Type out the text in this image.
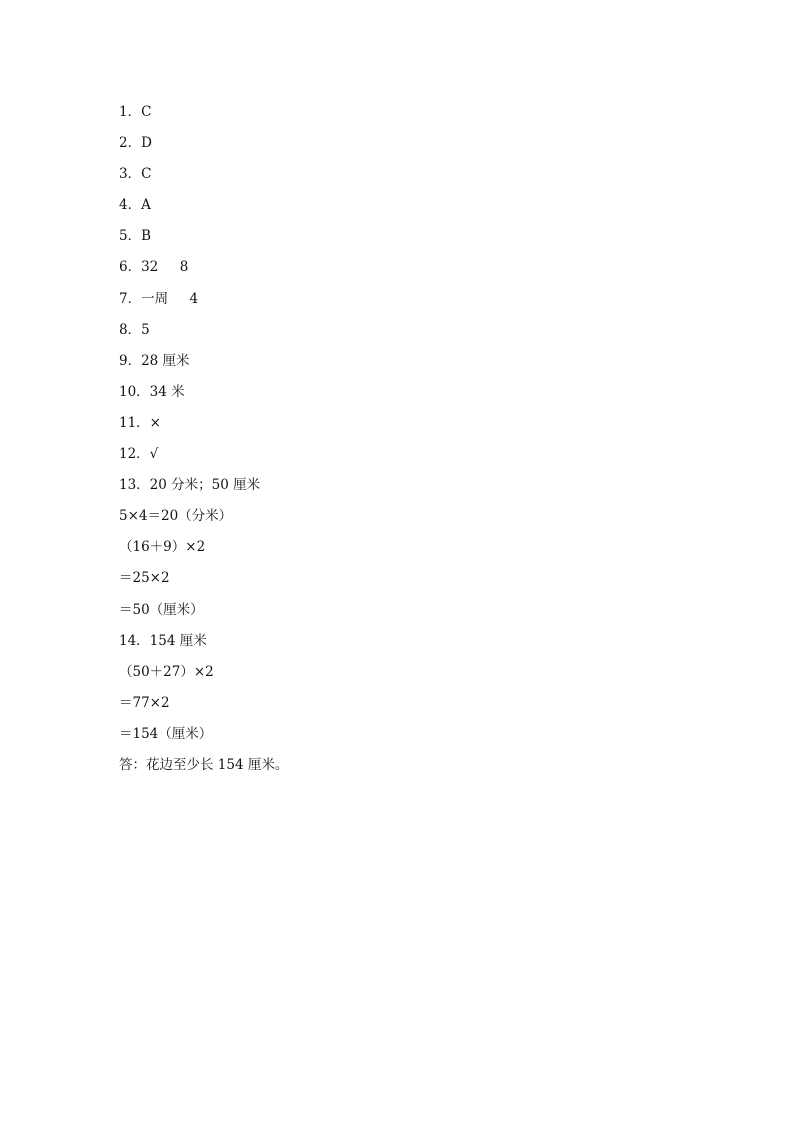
1．C
2．D
3．C
4．A
5．B
6．32     8
7．一周     4
8．5
9．28 厘米
10．34 米
11．×
12．√
13．20 分米；50 厘米
5×4＝20（分米）
（16＋9）×2
＝25×2
＝50（厘米）
14．154 厘米
（50＋27）×2
＝77×2
＝154（厘米）
答：花边至少长 154 厘米。
